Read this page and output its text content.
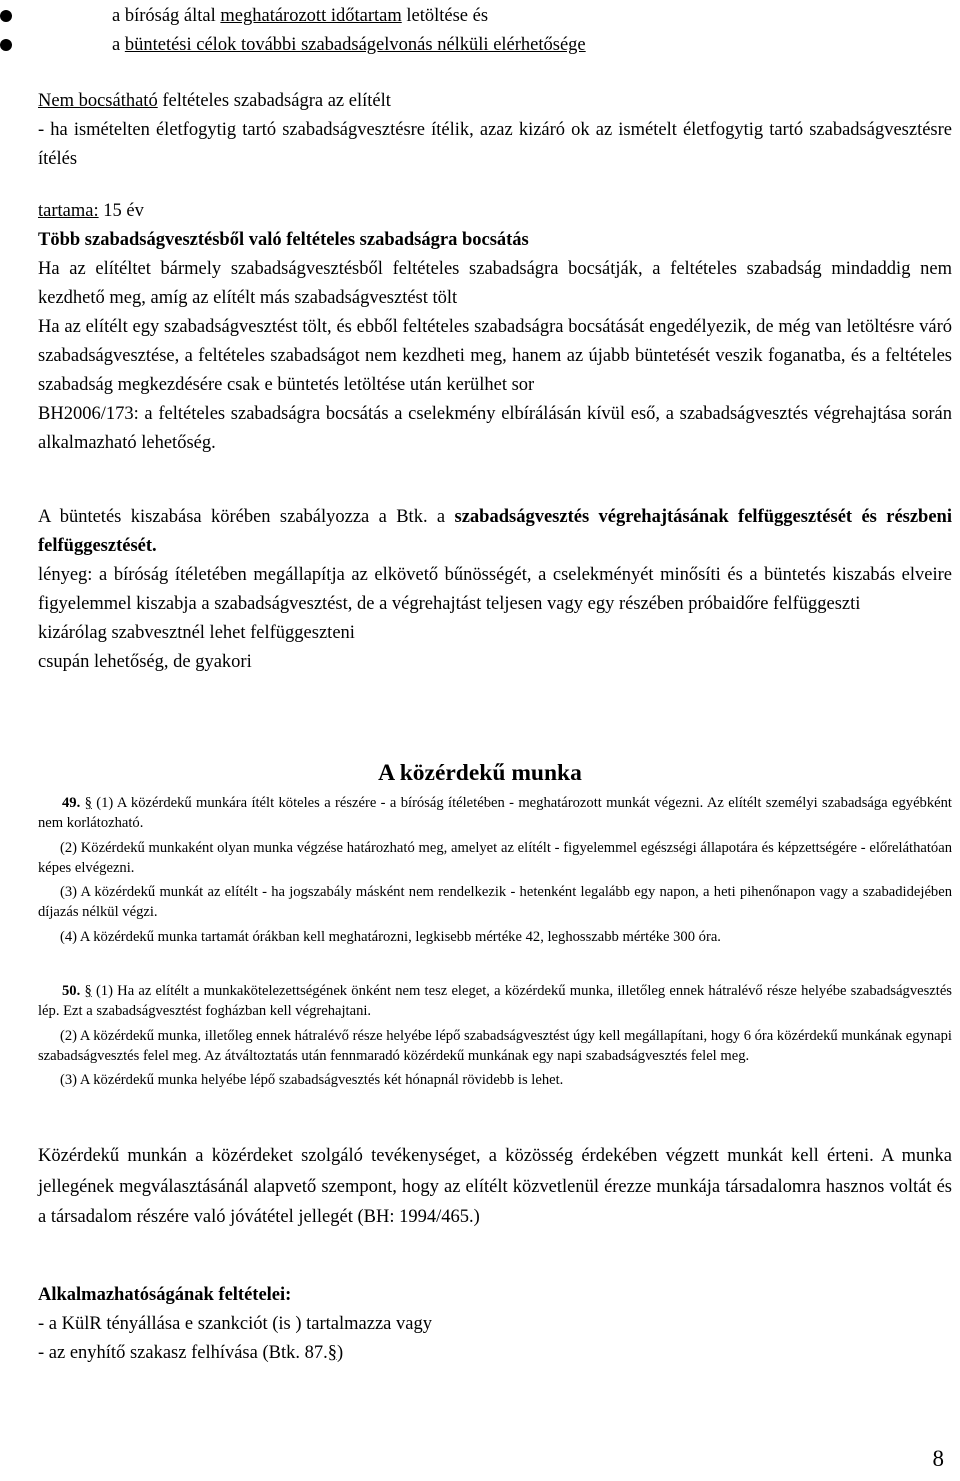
a bíróság által meghatározott időtartam letöltése és
a büntetési célok további szabadságelvonás nélküli elérhetősége
Nem bocsátható feltételes szabadságra az elítélt
- ha ismételten életfogytig tartó szabadságvesztésre ítélik, azaz kizáró ok az ismételt életfogytig tartó szabadságvesztésre ítélés
tartama: 15 év
Több szabadságvesztésből való feltételes szabadságra bocsátás
Ha az elítéltet bármely szabadságvesztésből feltételes szabadságra bocsátják, a feltételes szabadság mindaddig nem kezdhető meg, amíg az elítélt más szabadságvesztést tölt
Ha az elítélt egy szabadságvesztést tölt, és ebből feltételes szabadságra bocsátását engedélyezik, de még van letöltésre váró szabadságvesztése, a feltételes szabadságot nem kezdheti meg, hanem az újabb büntetését veszik foganatba, és a feltételes szabadság megkezdésére csak e büntetés letöltése után kerülhet sor
BH2006/173: a feltételes szabadságra bocsátás a cselekmény elbírálásán kívül eső, a szabadságvesztés végrehajtása során alkalmazható lehetőség.
A büntetés kiszabása körében szabályozza a Btk. a szabadságvesztés végrehajtásának felfüggesztését és részbeni felfüggesztését.
lényeg: a bíróság ítéletében megállapítja az elkövető bűnösségét, a cselekményét minősíti és a büntetés kiszabás elveire figyelemmel kiszabja a szabadságvesztést, de a végrehajtást teljesen vagy egy részében próbaidőre felfüggeszti
kizárólag szabvesztnél lehet felfüggeszteni
csupán lehetőség, de gyakori
A közérdekű munka
49. § (1) A közérdekű munkára ítélt köteles a részére - a bíróság ítéletében - meghatározott munkát végezni. Az elítélt személyi szabadsága egyébként nem korlátozható.
(2) Közérdekű munkaként olyan munka végzése határozható meg, amelyet az elítélt - figyelemmel egészségi állapotára és képzettségére - előreláthatóan képes elvégezni.
(3) A közérdekű munkát az elítélt - ha jogszabály másként nem rendelkezik - hetenként legalább egy napon, a heti pihenőnapon vagy a szabadidejében díjazás nélkül végzi.
(4) A közérdekű munka tartamát órákban kell meghatározni, legkisebb mértéke 42, leghosszabb mértéke 300 óra.
50. § (1) Ha az elítélt a munkakötelezettségének önként nem tesz eleget, a közérdekű munka, illetőleg ennek hátralévő része helyébe szabadságvesztés lép. Ezt a szabadságvesztést fogházban kell végrehajtani.
(2) A közérdekű munka, illetőleg ennek hátralévő része helyébe lépő szabadságvesztést úgy kell megállapítani, hogy 6 óra közérdekű munkának egynapi szabadságvesztés felel meg. Az átváltoztatás után fennmaradó közérdekű munkának egy napi szabadságvesztés felel meg.
(3) A közérdekű munka helyébe lépő szabadságvesztés két hónapnál rövidebb is lehet.
Közérdekű munkán a közérdeket szolgáló tevékenységet, a közösség érdekében végzett munkát kell érteni. A munka jellegének megválasztásánál alapvető szempont, hogy az elítélt közvetlenül érezze munkája társadalomra hasznos voltát és a társadalom részére való jóvátétel jellegét (BH: 1994/465.)
Alkalmazhatóságának feltételei:
- a KülR tényállása e szankciót (is ) tartalmazza vagy
- az enyhítő szakasz felhívása (Btk. 87.§)
8
